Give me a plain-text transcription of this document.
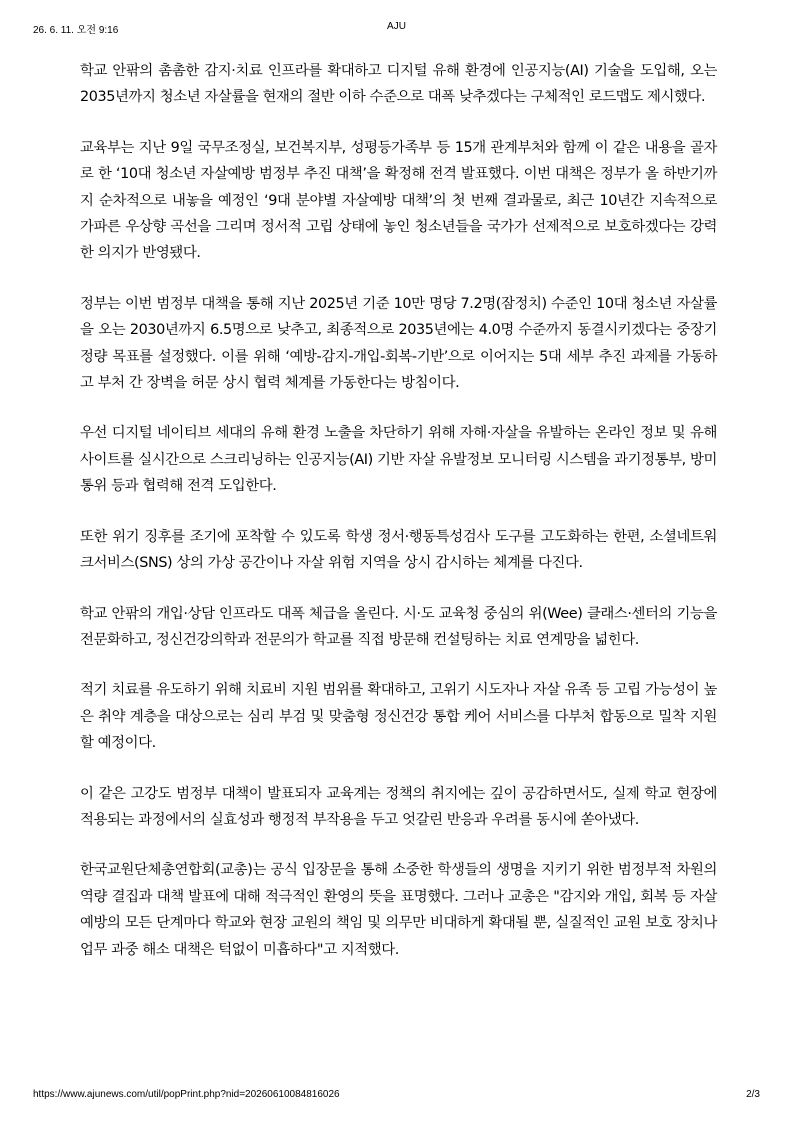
26. 6. 11. 오전 9:16	AJU

학교 안팎의 촘촘한 감지·치료 인프라를 확대하고 디지털 유해 환경에 인공지능(AI) 기술을 도입해, 오는 2035년까지 청소년 자살률을 현재의 절반 이하 수준으로 대폭 낮추겠다는 구체적인 로드맵도 제시했다.

교육부는 지난 9일 국무조정실, 보건복지부, 성평등가족부 등 15개 관계부처와 함께 이 같은 내용을 골자로 한 ‘10대 청소년 자살예방 범정부 추진 대책’을 확정해 전격 발표했다. 이번 대책은 정부가 올 하반기까지 순차적으로 내놓을 예정인 ‘9대 분야별 자살예방 대책’의 첫 번째 결과물로, 최근 10년간 지속적으로 가파른 우상향 곡선을 그리며 정서적 고립 상태에 놓인 청소년들을 국가가 선제적으로 보호하겠다는 강력한 의지가 반영됐다.

정부는 이번 범정부 대책을 통해 지난 2025년 기준 10만 명당 7.2명(잠정치) 수준인 10대 청소년 자살률을 오는 2030년까지 6.5명으로 낮추고, 최종적으로 2035년에는 4.0명 수준까지 동결시키겠다는 중장기 정량 목표를 설정했다. 이를 위해 ‘예방-감지-개입-회복-기반’으로 이어지는 5대 세부 추진 과제를 가동하고 부처 간 장벽을 허문 상시 협력 체계를 가동한다는 방침이다.

우선 디지털 네이티브 세대의 유해 환경 노출을 차단하기 위해 자해·자살을 유발하는 온라인 정보 및 유해 사이트를 실시간으로 스크리닝하는 인공지능(AI) 기반 자살 유발정보 모니터링 시스템을 과기정통부, 방미통위 등과 협력해 전격 도입한다.

또한 위기 징후를 조기에 포착할 수 있도록 학생 정서·행동특성검사 도구를 고도화하는 한편, 소셜네트워크서비스(SNS) 상의 가상 공간이나 자살 위험 지역을 상시 감시하는 체계를 다진다.

학교 안팎의 개입·상담 인프라도 대폭 체급을 올린다. 시·도 교육청 중심의 위(Wee) 클래스·센터의 기능을 전문화하고, 정신건강의학과 전문의가 학교를 직접 방문해 컨설팅하는 치료 연계망을 넓힌다.

적기 치료를 유도하기 위해 치료비 지원 범위를 확대하고, 고위기 시도자나 자살 유족 등 고립 가능성이 높은 취약 계층을 대상으로는 심리 부검 및 맞춤형 정신건강 통합 케어 서비스를 다부처 합동으로 밀착 지원할 예정이다.

이 같은 고강도 범정부 대책이 발표되자 교육계는 정책의 취지에는 깊이 공감하면서도, 실제 학교 현장에 적용되는 과정에서의 실효성과 행정적 부작용을 두고 엇갈린 반응과 우려를 동시에 쏟아냈다.

한국교원단체총연합회(교총)는 공식 입장문을 통해 소중한 학생들의 생명을 지키기 위한 범정부적 차원의 역량 결집과 대책 발표에 대해 적극적인 환영의 뜻을 표명했다. 그러나 교총은 "감지와 개입, 회복 등 자살 예방의 모든 단계마다 학교와 현장 교원의 책임 및 의무만 비대하게 확대될 뿐, 실질적인 교원 보호 장치나 업무 과중 해소 대책은 턱없이 미흡하다"고 지적했다.

https://www.ajunews.com/util/popPrint.php?nid=20260610084816026	2/3
